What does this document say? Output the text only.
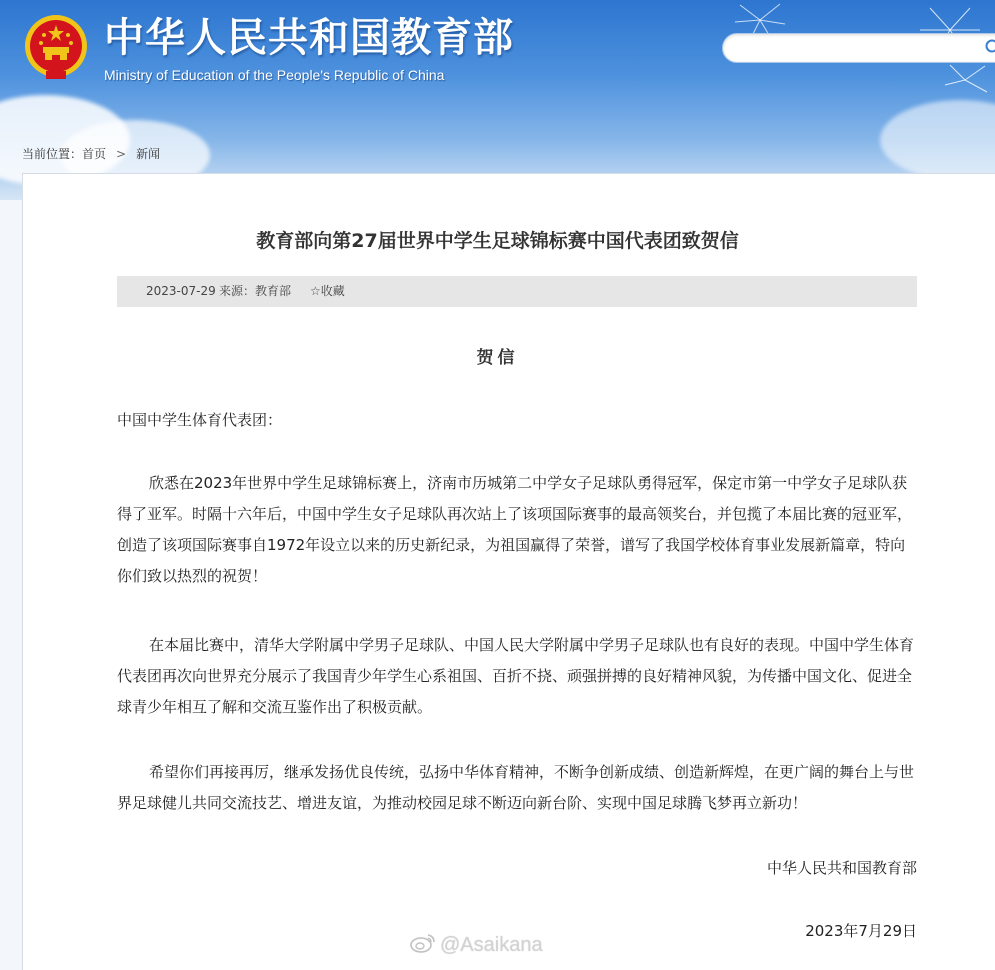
中华人民共和国教育部
Ministry of Education of the People's Republic of China
当前位置：首页 > 新闻
教育部向第27届世界中学生足球锦标赛中国代表团致贺信
2023-07-29 来源：教育部 ☆收藏
贺信

中国中学生体育代表团：

欣悉在2023年世界中学生足球锦标赛上，济南市历城第二中学女子足球队勇得冠军，保定市第一中学女子足球队获得了亚军。时隔十六年后，中国中学生女子足球队再次站上了该项国际赛事的最高领奖台，并包揽了本届比赛的冠亚军，创造了该项国际赛事自1972年设立以来的历史新纪录，为祖国赢得了荣誉，谱写了我国学校体育事业发展新篇章，特向你们致以热烈的祝贺！

在本届比赛中，清华大学附属中学男子足球队、中国人民大学附属中学男子足球队也有良好的表现。中国中学生体育代表团再次向世界充分展示了我国青少年学生心系祖国、百折不挠、顽强拼搏的良好精神风貌，为传播中国文化、促进全球青少年相互了解和交流互鉴作出了积极贡献。

希望你们再接再厉，继承发扬优良传统，弘扬中华体育精神，不断争创新成绩、创造新辉煌，在更广阔的舞台上与世界足球健儿共同交流技艺、增进友谊，为推动校园足球不断迈向新台阶、实现中国足球腾飞梦再立新功！

中华人民共和国教育部

2023年7月29日

@Asaikana
